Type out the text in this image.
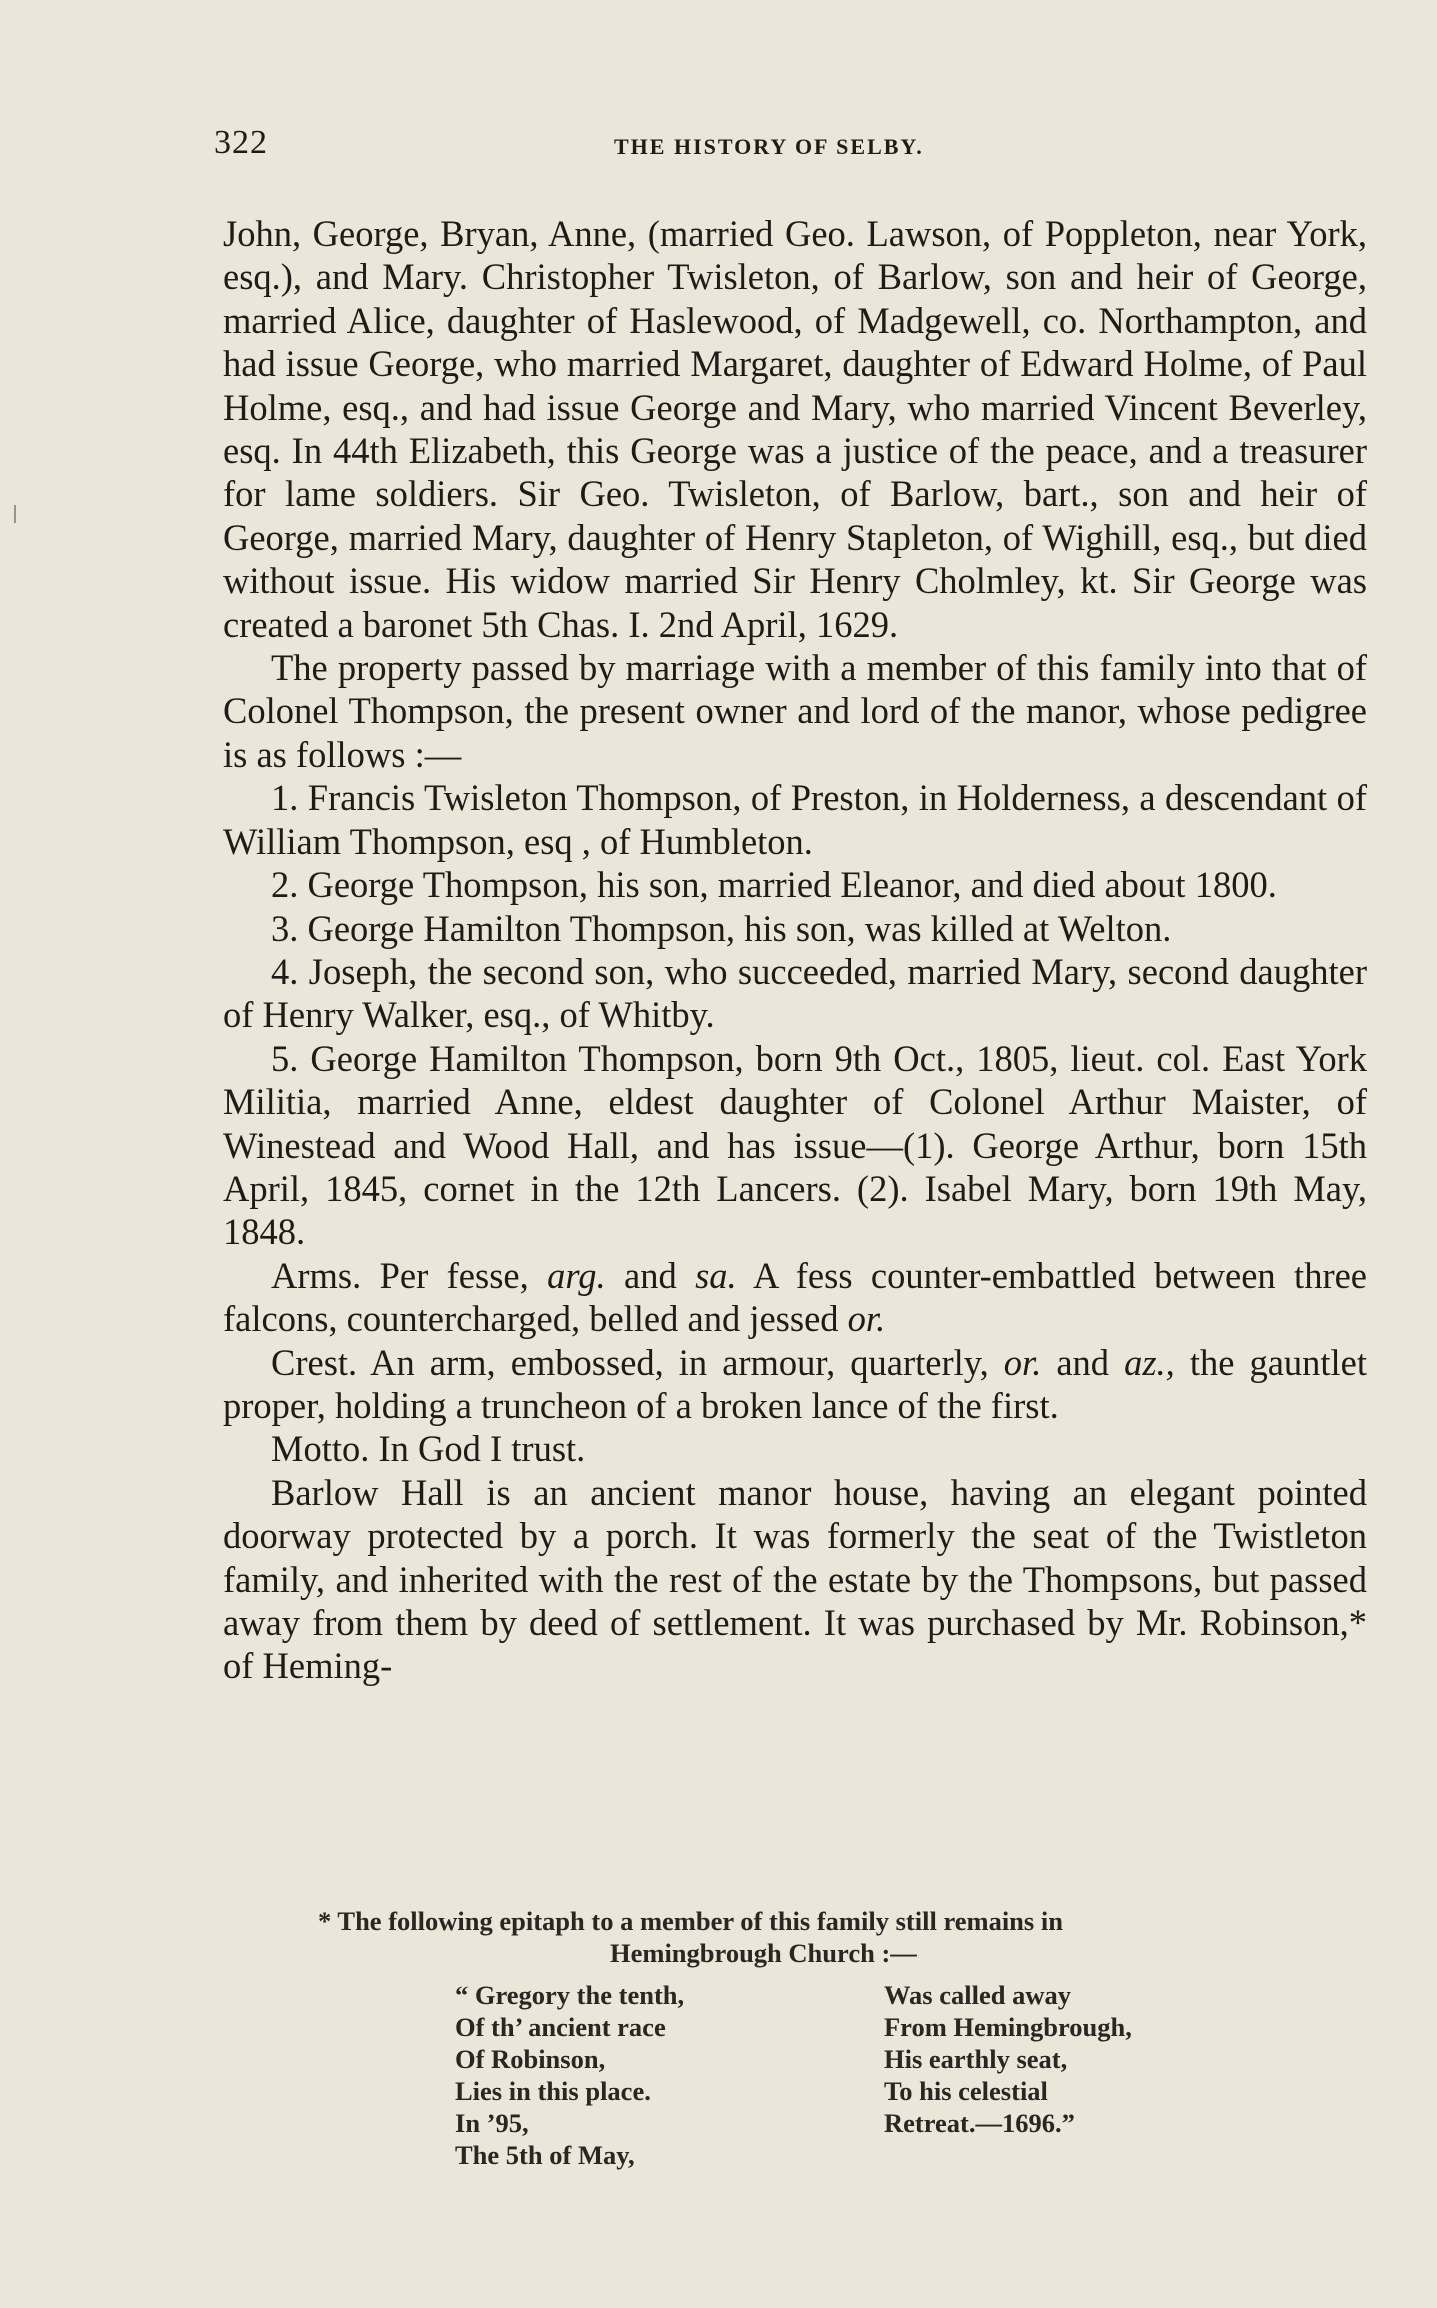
322	THE HISTORY OF SELBY.

John, George, Bryan, Anne, (married Geo. Lawson, of Poppleton, near York, esq.), and Mary. Christopher Twisleton, of Barlow, son and heir of George, married Alice, daughter of Haslewood, of Madgewell, co. Northampton, and had issue George, who married Margaret, daughter of Edward Holme, of Paul Holme, esq., and had issue George and Mary, who married Vincent Beverley, esq. In 44th Elizabeth, this George was a justice of the peace, and a treasurer for lame soldiers. Sir Geo. Twisleton, of Barlow, bart., son and heir of George, married Mary, daughter of Henry Stapleton, of Wighill, esq., but died without issue. His widow married Sir Henry Cholmley, kt. Sir George was created a baronet 5th Chas. I. 2nd April, 1629.

The property passed by marriage with a member of this family into that of Colonel Thompson, the present owner and lord of the manor, whose pedigree is as follows :—

1. Francis Twisleton Thompson, of Preston, in Holderness, a descendant of William Thompson, esq , of Humbleton.

2. George Thompson, his son, married Eleanor, and died about 1800.

3. George Hamilton Thompson, his son, was killed at Welton.

4. Joseph, the second son, who succeeded, married Mary, second daughter of Henry Walker, esq., of Whitby.

5. George Hamilton Thompson, born 9th Oct., 1805, lieut. col. East York Militia, married Anne, eldest daughter of Colonel Arthur Maister, of Winestead and Wood Hall, and has issue—(1). George Arthur, born 15th April, 1845, cornet in the 12th Lancers. (2). Isabel Mary, born 19th May, 1848.

Arms. Per fesse, arg. and sa. A fess counter-embattled between three falcons, countercharged, belled and jessed or.

Crest. An arm, embossed, in armour, quarterly, or. and az., the gauntlet proper, holding a truncheon of a broken lance of the first.

Motto. In God I trust.

Barlow Hall is an ancient manor house, having an elegant pointed doorway protected by a porch. It was formerly the seat of the Twistleton family, and inherited with the rest of the estate by the Thompsons, but passed away from them by deed of settlement. It was purchased by Mr. Robinson,* of Heming-

* The following epitaph to a member of this family still remains in
Hemingbrough Church :—
“ Gregory the tenth,
Of th’ ancient race
Of Robinson,
Lies in this place.
In ’95,
The 5th of May,
Was called away
From Hemingbrough,
His earthly seat,
To his celestial
Retreat.—1696.”
